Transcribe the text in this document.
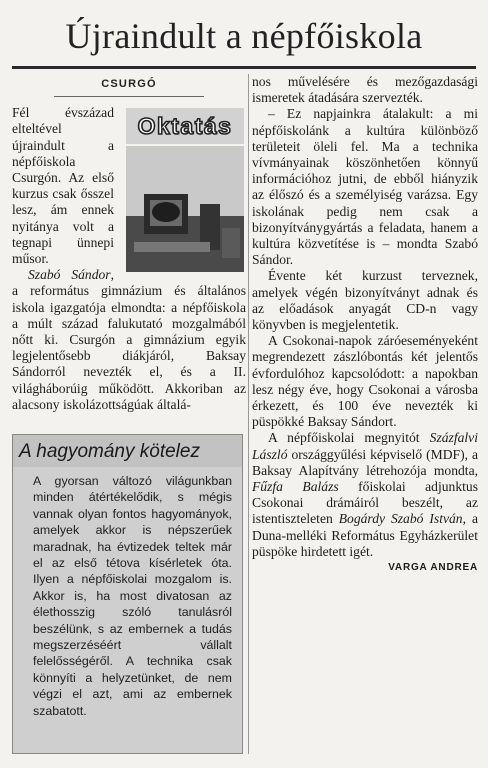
Újraindult a népfőiskola
CSURGÓ
Oktatás

Fél évszázad elteltével újraindult a népfőiskola Csurgón. Az első kurzus csak ősszel lesz, ám ennek nyitánya volt a tegnapi ünnepi műsor.

Szabó Sándor, a református gimnázium és általános iskola igazgatója elmondta: a népfőiskola a múlt század falukutató mozgalmából nőtt ki. Csurgón a gimnázium egyik legjelentősebb diákjáról, Baksay Sándorról nevezték el, és a II. világháborúig működött. Akkoriban az alacsony iskolázottságúak általá-

A hagyomány kötelez
A gyorsan változó világunkban minden átértékelődik, s mégis vannak olyan fontos hagyományok, amelyek akkor is népszerűek maradnak, ha évtizedek teltek már el az első tétova kísérletek óta. Ilyen a népfőiskolai mozgalom is. Akkor is, ha most divatosan az élethosszig szóló tanulásról beszélünk, s az embernek a tudás megszerzéséért vállalt felelősségéről. A technika csak könnyíti a helyzetünket, de nem végzi el azt, ami az embernek szabatott.

nos művelésére és mezőgazdasági ismeretek átadására szervezték.

– Ez napjainkra átalakult: a mi népfőiskolánk a kultúra különböző területeit öleli fel. Ma a technika vívmányainak köszönhetően könnyű információhoz jutni, de ebből hiányzik az élőszó és a személyiség varázsa. Egy iskolának pedig nem csak a bizonyítványgyártás a feladata, hanem a kultúra közvetítése is – mondta Szabó Sándor.

Évente két kurzust terveznek, amelyek végén bizonyítványt adnak és az előadások anyagát CD-n vagy könyvben is megjelentetik.

A Csokonai-napok záróeseményeként megrendezett zászlóbontás két jelentős évfordulóhoz kapcsolódott: a napokban lesz négy éve, hogy Csokonai a városba érkezett, és 100 éve nevezték ki püspökké Baksay Sándort.

A népfőiskolai megnyitót Százfalvi László országgyűlési képviselő (MDF), a Baksay Alapítvány létrehozója mondta, Fűzfa Balázs főiskolai adjunktus Csokonai drámáiról beszélt, az istentiszteleten Bogárdy Szabó István, a Duna-melléki Református Egyházkerület püspöke hirdetett igét.

VARGA ANDREA
